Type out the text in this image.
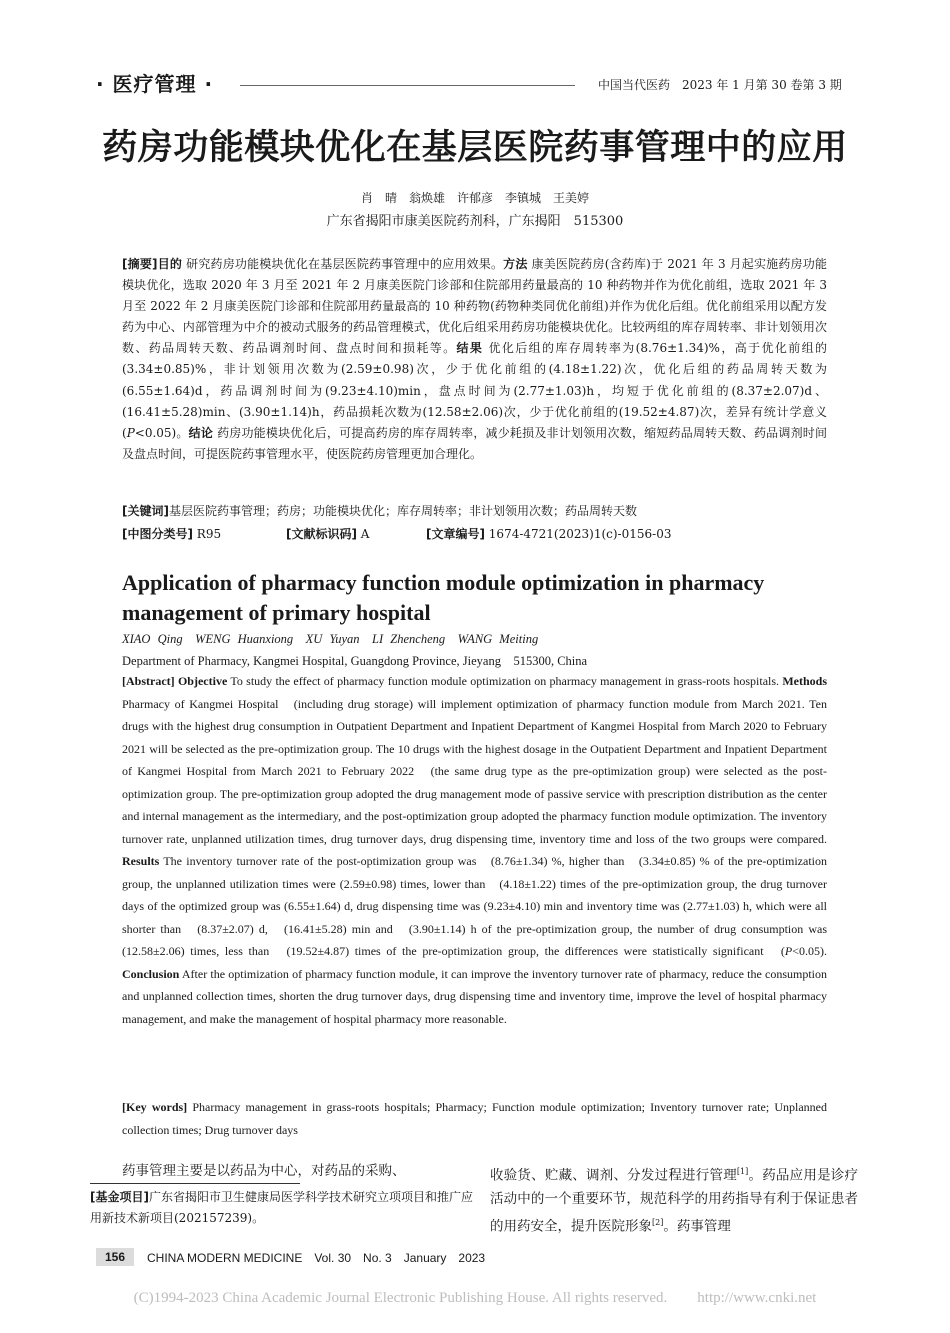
· 医疗管理 ·	中国当代医药　2023 年 1 月第 30 卷第 3 期
药房功能模块优化在基层医院药事管理中的应用
肖　晴　翁焕雄　许郁彦　李镇城　王美婷
广东省揭阳市康美医院药剂科，广东揭阳　515300
[摘要]目的 研究药房功能模块优化在基层医院药事管理中的应用效果。方法 康美医院药房(含药库)于 2021 年 3 月起实施药房功能模块优化，选取 2020 年 3 月至 2021 年 2 月康美医院门诊部和住院部用药量最高的 10 种药物并作为优化前组，选取 2021 年 3 月至 2022 年 2 月康美医院门诊部和住院部用药量最高的 10 种药物(药物种类同优化前组)并作为优化后组。优化前组采用以配方发药为中心、内部管理为中介的被动式服务的药品管理模式，优化后组采用药房功能模块优化。比较两组的库存周转率、非计划领用次数、药品周转天数、药品调剂时间、盘点时间和损耗等。结果 优化后组的库存周转率为(8.76±1.34)%，高于优化前组的(3.34±0.85)%，非计划领用次数为(2.59±0.98)次，少于优化前组的(4.18±1.22)次，优化后组的药品周转天数为(6.55±1.64)d，药品调剂时间为(9.23±4.10)min，盘点时间为(2.77±1.03)h，均短于优化前组的(8.37±2.07)d、(16.41±5.28)min、(3.90±1.14)h，药品损耗次数为(12.58±2.06)次，少于优化前组的(19.52±4.87)次，差异有统计学意义(P<0.05)。结论 药房功能模块优化后，可提高药房的库存周转率，减少耗损及非计划领用次数，缩短药品周转天数、药品调剂时间及盘点时间，可提医院药事管理水平，使医院药房管理更加合理化。
[关键词]基层医院药事管理；药房；功能模块优化；库存周转率；非计划领用次数；药品周转天数
[中图分类号] R95	[文献标识码] A	[文章编号] 1674-4721(2023)1(c)-0156-03
Application of pharmacy function module optimization in pharmacy management of primary hospital
XIAO Qing　WENG Huanxiong　XU Yuyan　LI Zhencheng　WANG Meiting
Department of Pharmacy, Kangmei Hospital, Guangdong Province, Jieyang　515300, China
[Abstract] Objective To study the effect of pharmacy function module optimization on pharmacy management in grass-roots hospitals. Methods Pharmacy of Kangmei Hospital　(including drug storage) will implement optimization of pharmacy function module from March 2021. Ten drugs with the highest drug consumption in Outpatient Department and Inpatient Department of Kangmei Hospital from March 2020 to February 2021 will be selected as the pre-optimization group. The 10 drugs with the highest dosage in the Outpatient Department and Inpatient Department of Kangmei Hospital from March 2021 to February 2022　(the same drug type as the pre-optimization group) were selected as the post-optimization group. The pre-optimization group adopted the drug management mode of passive service with prescription distribution as the center and internal management as the intermediary, and the post-optimization group adopted the pharmacy function module optimization. The inventory turnover rate, unplanned utilization times, drug turnover days, drug dispensing time, inventory time and loss of the two groups were compared. Results The inventory turnover rate of the post-optimization group was　(8.76±1.34) %, higher than　(3.34±0.85) % of the pre-optimization group, the unplanned utilization times were (2.59±0.98) times, lower than　(4.18±1.22) times of the pre-optimization group, the drug turnover days of the optimized group was (6.55±1.64) d, drug dispensing time was (9.23±4.10) min and inventory time was (2.77±1.03) h, which were all shorter than　(8.37±2.07) d,　(16.41±5.28) min and　(3.90±1.14) h of the pre-optimization group, the number of drug consumption was　(12.58±2.06) times, less than　(19.52±4.87) times of the pre-optimization group, the differences were statistically significant　(P<0.05). Conclusion After the optimization of pharmacy function module, it can improve the inventory turnover rate of pharmacy, reduce the consumption and unplanned collection times, shorten the drug turnover days, drug dispensing time and inventory time, improve the level of hospital pharmacy management, and make the management of hospital pharmacy more reasonable.
[Key words] Pharmacy management in grass-roots hospitals; Pharmacy; Function module optimization; Inventory turnover rate; Unplanned collection times; Drug turnover days
药事管理主要是以药品为中心，对药品的采购、	收验货、贮藏、调剂、分发过程进行管理[1]。药品应用是诊疗活动中的一个重要环节，规范科学的用药指导有利于保证患者的用药安全，提升医院形象[2]。药事管理
[基金项目]广东省揭阳市卫生健康局医学科学技术研究立项项目和推广应用新技术新项目(202157239)。
156	CHINA MODERN MEDICINE　Vol. 30　No. 3　January　2023
(C)1994-2023 China Academic Journal Electronic Publishing House. All rights reserved.　　http://www.cnki.net
